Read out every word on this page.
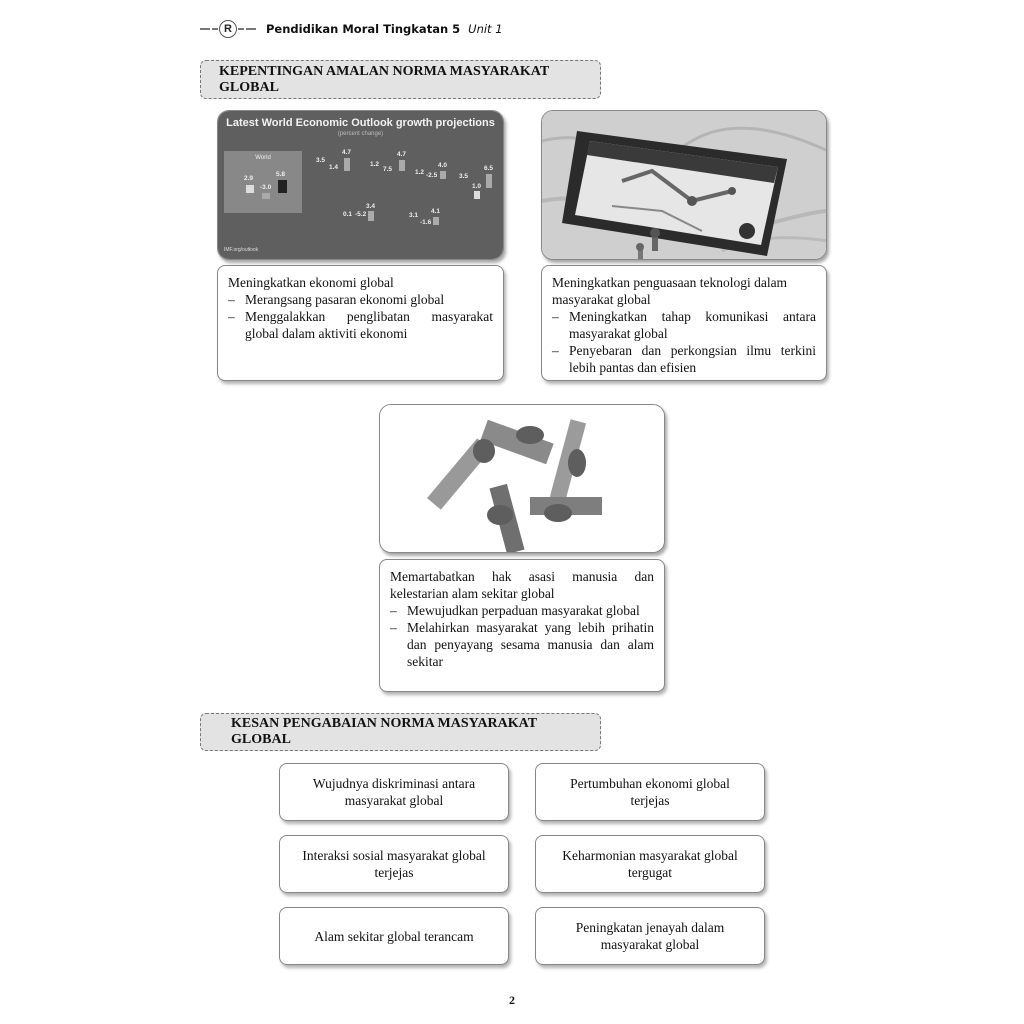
R	Pendidikan Moral Tingkatan 5 Unit 1
KEPENTINGAN AMALAN NORMA MASYARAKAT GLOBAL
Latest World Economic Outlook growth projections
(percent change)
World
2.9
-3.0
5.8
3.5
1.4
4.7
1.2
7.5
4.7
1.2 -2.5
4.0
3.5
1.0
6.5
0.1 -5.2
3.4
3.1
-1.6
4.1
IMF.org/outlook
Meningkatkan ekonomi global
– Merangsang pasaran ekonomi global
– Menggalakkan penglibatan masyarakat global dalam aktiviti ekonomi
Meningkatkan penguasaan teknologi dalam masyarakat global
– Meningkatkan tahap komunikasi antara masyarakat global
– Penyebaran dan perkongsian ilmu terkini lebih pantas dan efisien
Memartabatkan hak asasi manusia dan kelestarian alam sekitar global
– Mewujudkan perpaduan masyarakat global
– Melahirkan masyarakat yang lebih prihatin dan penyayang sesama manusia dan alam sekitar
KESAN PENGABAIAN NORMA MASYARAKAT GLOBAL
Wujudnya diskriminasi antara masyarakat global
Pertumbuhan ekonomi global terjejas
Interaksi sosial masyarakat global terjejas
Keharmonian masyarakat global tergugat
Alam sekitar global terancam
Peningkatan jenayah dalam masyarakat global
2
